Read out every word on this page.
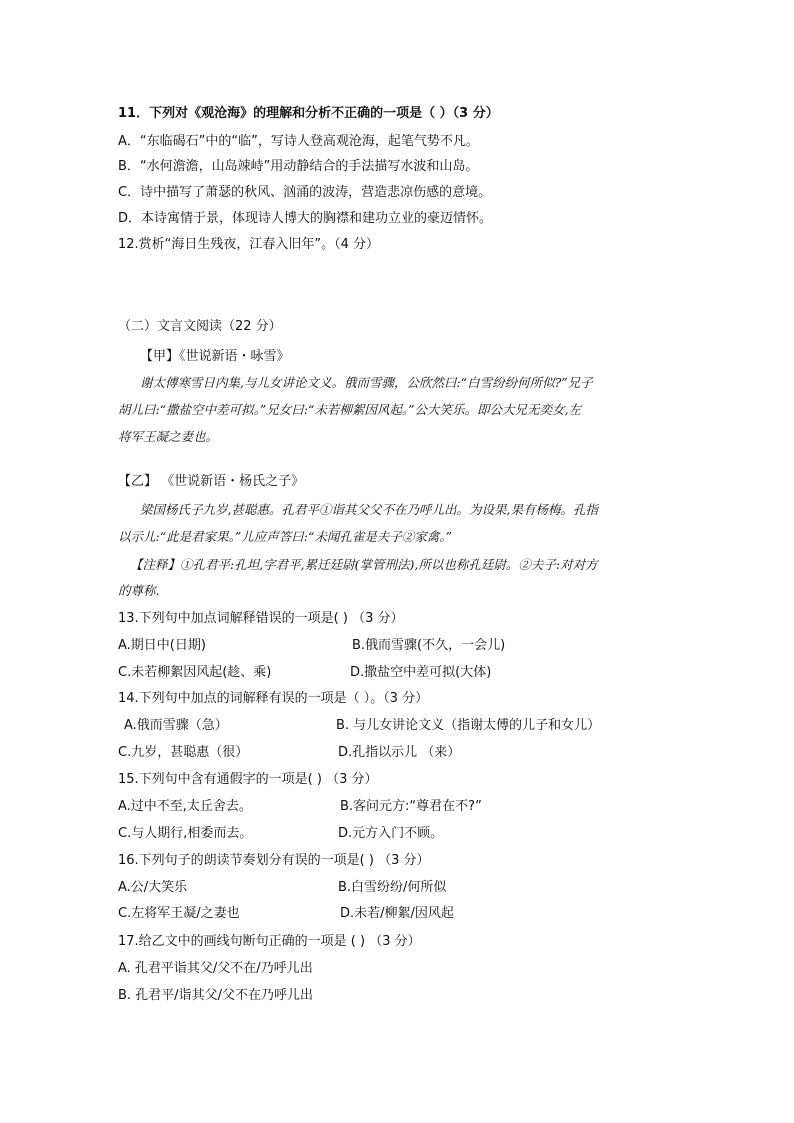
11．下列对《观沧海》的理解和分析不正确的一项是（ ）（3 分）
A．“东临碣石”中的“临”，写诗人登高观沧海，起笔气势不凡。
B．“水何澹澹，山岛竦峙”用动静结合的手法描写水波和山岛。
C．诗中描写了萧瑟的秋风、汹涌的波涛，营造悲凉伤感的意境。
D．本诗寓情于景，体现诗人博大的胸襟和建功立业的豪迈情怀。
12.赏析“海日生残夜，江春入旧年”。（4 分）
（二）文言文阅读（22 分）
【甲】《世说新语・咏雪》
谢太傅寒雪日内集,与儿女讲论文义。俄而雪骤，公欣然曰:“白雪纷纷何所似?”兄子
胡儿曰:“撒盐空中差可拟。”兄女曰:“未若柳絮因风起。”公大笑乐。即公大兄无奕女,左
将军王凝之妻也。
【乙】 《世说新语・杨氏之子》
梁国杨氏子九岁,甚聪惠。孔君平①诣其父父不在乃呼儿出。为设果,果有杨梅。孔指
以示儿:“此是君家果。”儿应声答曰:“未闻孔雀是夫子②家禽。”
【注释】①孔君平:孔坦,字君平,累迁廷尉(掌管刑法),所以也称孔廷尉。②夫子:对对方
的尊称.
13.下列句中加点词解释错误的一项是( ) （3 分）
A.期日中(日期)	B.俄而雪骤(不久，一会儿)
C.未若柳絮因风起(趁、乘)	D.撒盐空中差可拟(大体)
14.下列句中加点的词解释有误的一项是（ ）。（3 分）
A.俄而雪骤（急）	B. 与儿女讲论文义（指谢太傅的儿子和女儿）
C.九岁，甚聪惠（很）	D.孔指以示儿 （来）
15.下列句中含有通假字的一项是( ) （3 分）
A.过中不至,太丘舍去。	B.客问元方:“尊君在不?”
C.与人期行,相委而去。	D.元方入门不顾。
16.下列句子的朗读节奏划分有误的一项是( ) （3 分）
A.公/大笑乐	B.白雪纷纷/何所似
C.左将军王凝/之妻也	D.未若/柳絮/因风起
17.给乙文中的画线句断句正确的一项是 ( ) （3 分）
A. 孔君平诣其父/父不在/乃呼儿出
B. 孔君平/诣其父/父不在乃呼儿出
